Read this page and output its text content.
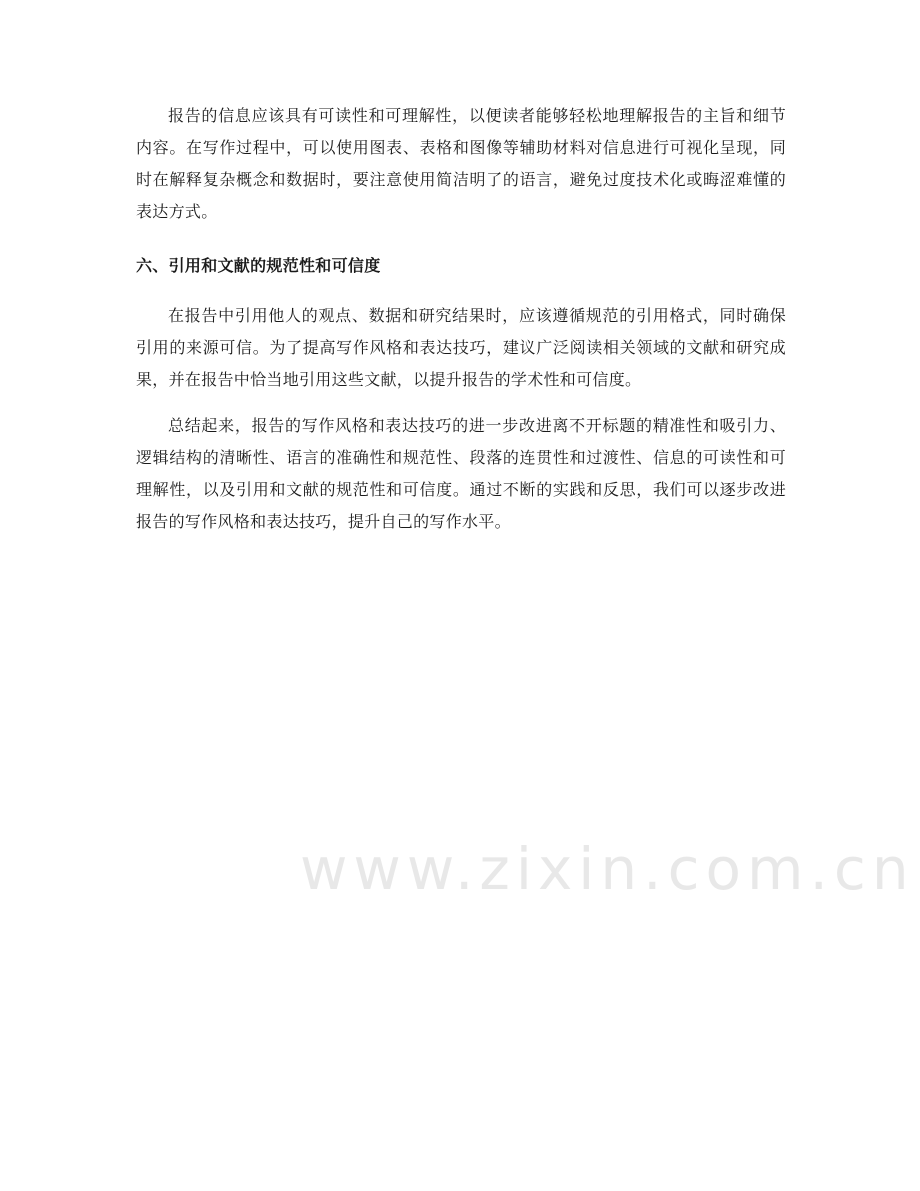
报告的信息应该具有可读性和可理解性，以便读者能够轻松地理解报告的主旨和细节内容。在写作过程中，可以使用图表、表格和图像等辅助材料对信息进行可视化呈现，同时在解释复杂概念和数据时，要注意使用简洁明了的语言，避免过度技术化或晦涩难懂的表达方式。

六、引用和文献的规范性和可信度

在报告中引用他人的观点、数据和研究结果时，应该遵循规范的引用格式，同时确保引用的来源可信。为了提高写作风格和表达技巧，建议广泛阅读相关领域的文献和研究成果，并在报告中恰当地引用这些文献，以提升报告的学术性和可信度。

总结起来，报告的写作风格和表达技巧的进一步改进离不开标题的精准性和吸引力、逻辑结构的清晰性、语言的准确性和规范性、段落的连贯性和过渡性、信息的可读性和可理解性，以及引用和文献的规范性和可信度。通过不断的实践和反思，我们可以逐步改进报告的写作风格和表达技巧，提升自己的写作水平。

www.zixin.com.cn
